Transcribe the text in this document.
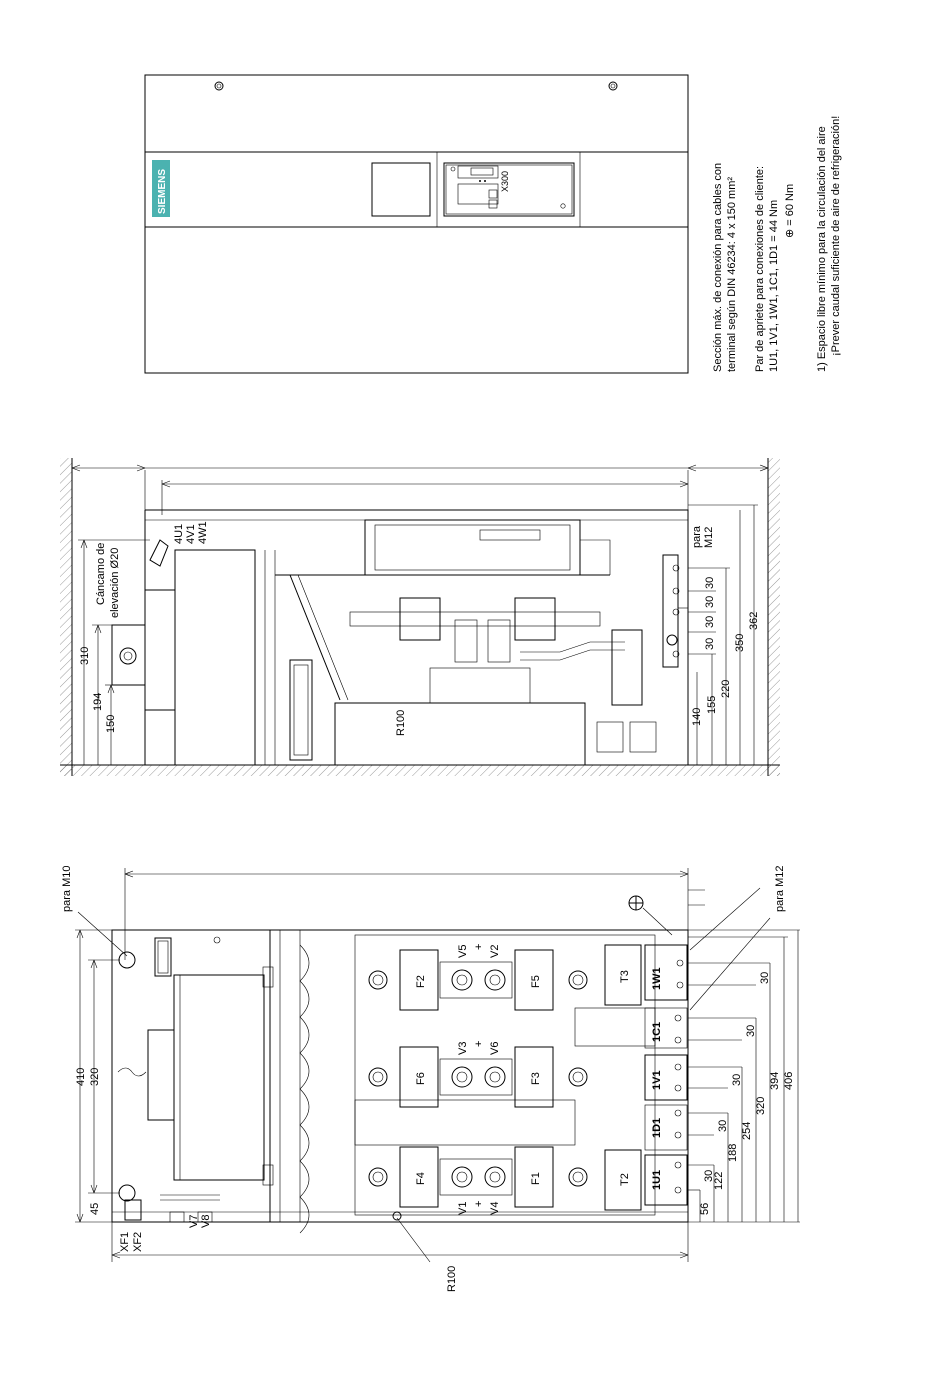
SIEMENS	X300	Sección máx. de conexión para cables con terminal según DIN 46234: 4 x 150 mm² Par de apriete para conexiones de cliente: 1U1, 1V1, 1W1, 1C1, 1D1 = 44 Nm ⊕ = 60 Nm 1) Espacio libre mínimo para la circulación del aire ¡Prever caudal suficiente de aire de refrigeración!
310
194
150
Cáncamo de elevación Ø20
4U1 4V1 4W1
R100
para M12
30
30
30
30
140
155
220
350
362
410 320
45
para M10	para M12
XF1 XF2
V7 V8
R100
F2	F5
F6	F3
F4	F1
V5 + V2
V3 + V6
V1 + V4
T3
T2
1W1
1C1
1V1
1D1
1U1
30
30
30
30
30
56
122
188
254
320
394 406
